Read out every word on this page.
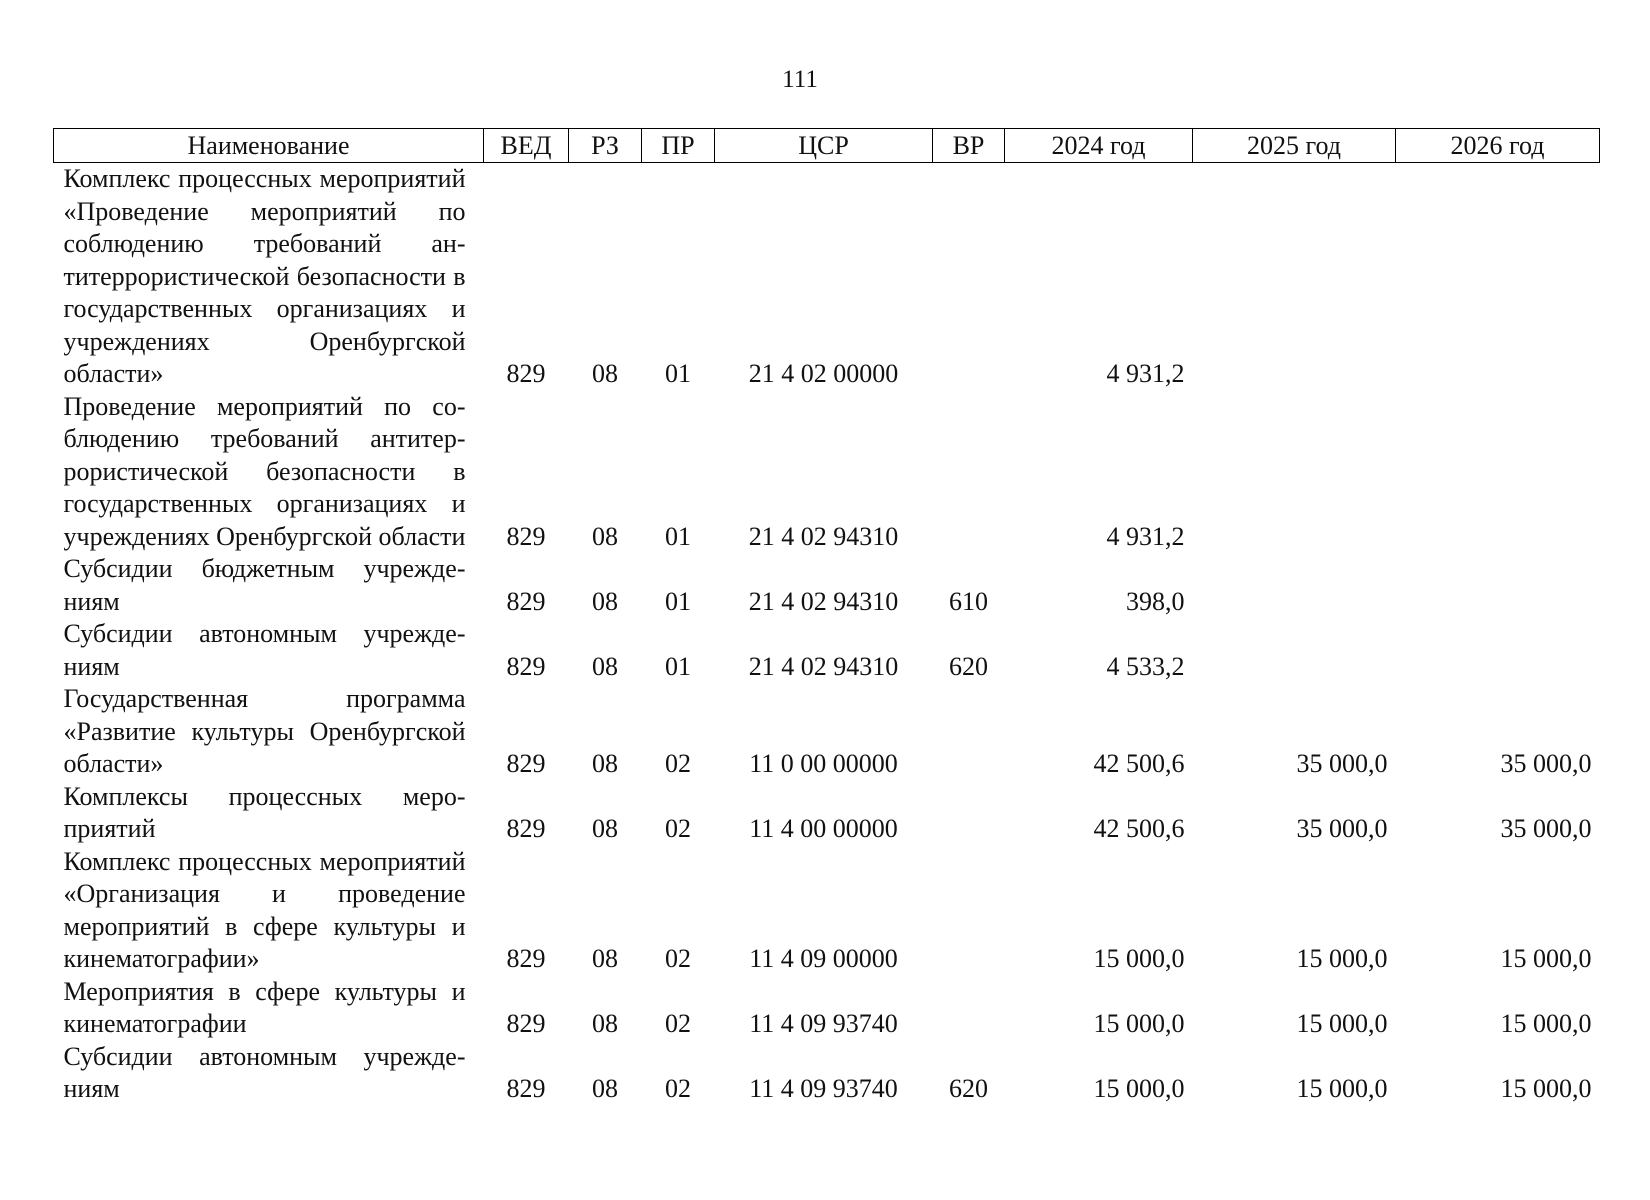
111
Наименование	ВЕД	РЗ	ПР	ЦСР	ВР	2024 год	2025 год	2026 год
Комплекс процессных мероприятий «Проведение мероприятий по соблюдению требований антитеррористической безопасности в государственных организациях и учреждениях Оренбургской области»	829	08	01	21 4 02 00000		4 931,2		
Проведение мероприятий по соблюдению требований антитеррористической безопасности в государственных организациях и учреждениях Оренбургской области	829	08	01	21 4 02 94310		4 931,2		
Субсидии бюджетным учреждениям	829	08	01	21 4 02 94310	610	398,0		
Субсидии автономным учреждениям	829	08	01	21 4 02 94310	620	4 533,2		
Государственная программа «Развитие культуры Оренбургской области»	829	08	02	11 0 00 00000		42 500,6	35 000,0	35 000,0
Комплексы процессных мероприятий	829	08	02	11 4 00 00000		42 500,6	35 000,0	35 000,0
Комплекс процессных мероприятий «Организация и проведение мероприятий в сфере культуры и кинематографии»	829	08	02	11 4 09 00000		15 000,0	15 000,0	15 000,0
Мероприятия в сфере культуры и кинематографии	829	08	02	11 4 09 93740		15 000,0	15 000,0	15 000,0
Субсидии автономным учреждениям	829	08	02	11 4 09 93740	620	15 000,0	15 000,0	15 000,0
